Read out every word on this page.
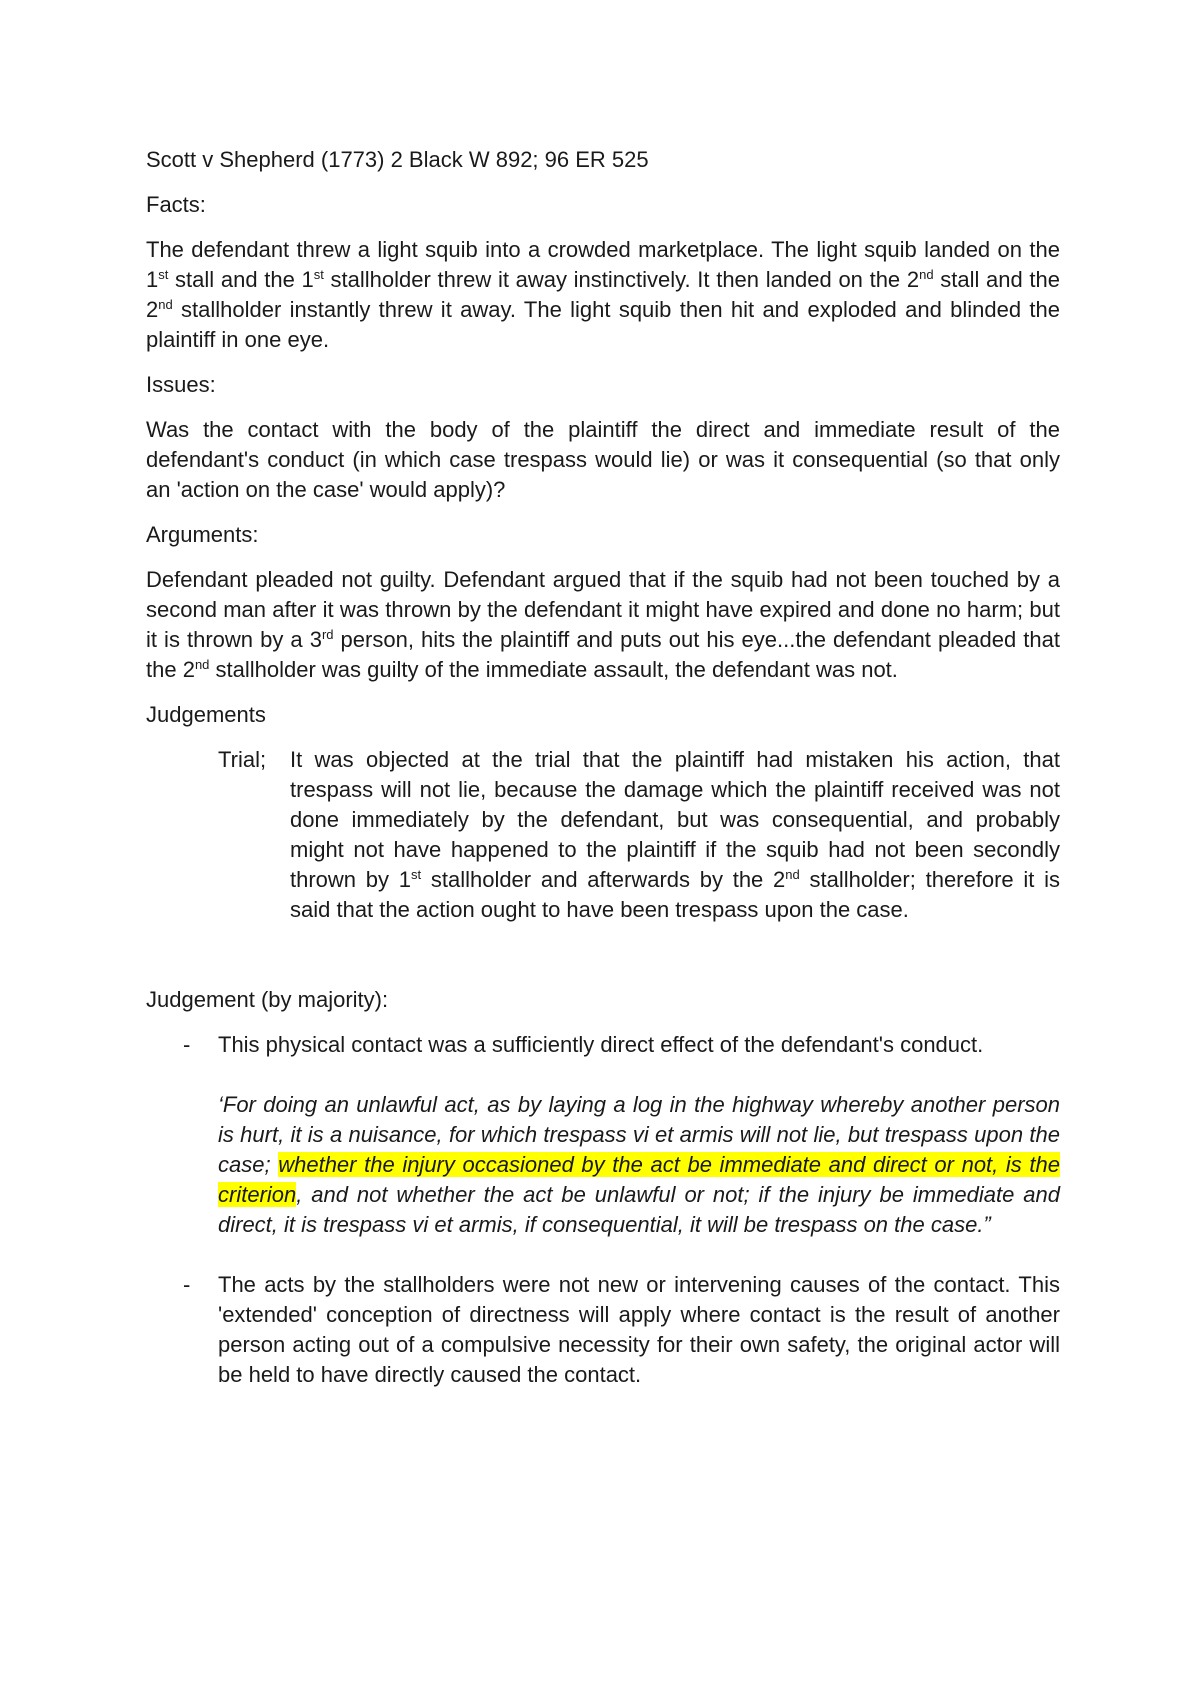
Scott v Shepherd (1773) 2 Black W 892; 96 ER 525

Facts:

The defendant threw a light squib into a crowded marketplace. The light squib landed on the 1st stall and the 1st stallholder threw it away instinctively. It then landed on the 2nd stall and the 2nd stallholder instantly threw it away. The light squib then hit and exploded and blinded the plaintiff in one eye.

Issues:

Was the contact with the body of the plaintiff the direct and immediate result of the defendant's conduct (in which case trespass would lie) or was it consequential (so that only an 'action on the case' would apply)?

Arguments:

Defendant pleaded not guilty. Defendant argued that if the squib had not been touched by a second man after it was thrown by the defendant it might have expired and done no harm; but it is thrown by a 3rd person, hits the plaintiff and puts out his eye...the defendant pleaded that the 2nd stallholder was guilty of the immediate assault, the defendant was not.

Judgements

Trial;	It was objected at the trial that the plaintiff had mistaken his action, that trespass will not lie, because the damage which the plaintiff received was not done immediately by the defendant, but was consequential, and probably might not have happened to the plaintiff if the squib had not been secondly thrown by 1st stallholder and afterwards by the 2nd stallholder; therefore it is said that the action ought to have been trespass upon the case.

Judgement (by majority):

-	This physical contact was a sufficiently direct effect of the defendant's conduct.

‘For doing an unlawful act, as by laying a log in the highway whereby another person is hurt, it is a nuisance, for which trespass vi et armis will not lie, but trespass upon the case; whether the injury occasioned by the act be immediate and direct or not, is the criterion, and not whether the act be unlawful or not; if the injury be immediate and direct, it is trespass vi et armis, if consequential, it will be trespass on the case.”

-	The acts by the stallholders were not new or intervening causes of the contact. This 'extended' conception of directness will apply where contact is the result of another person acting out of a compulsive necessity for their own safety, the original actor will be held to have directly caused the contact.
